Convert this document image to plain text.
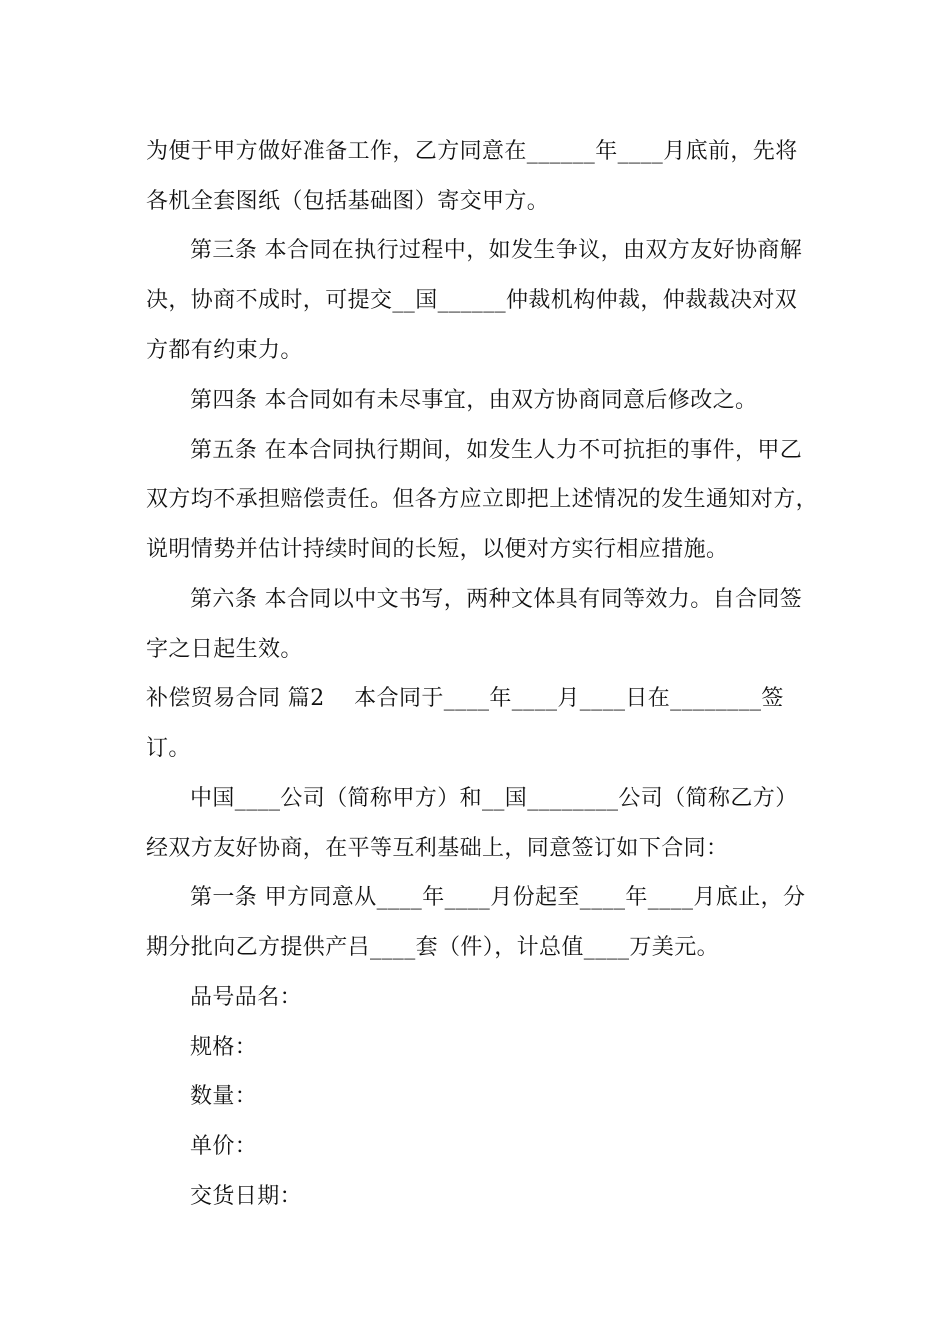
为便于甲方做好准备工作，乙方同意在______年____月底前，先将
各机全套图纸（包括基础图）寄交甲方。
第三条 本合同在执行过程中，如发生争议，由双方友好协商解
决，协商不成时，可提交__国______仲裁机构仲裁，仲裁裁决对双
方都有约束力。
第四条 本合同如有未尽事宜，由双方协商同意后修改之。
第五条 在本合同执行期间，如发生人力不可抗拒的事件，甲乙
双方均不承担赔偿责任。但各方应立即把上述情况的发生通知对方，
说明情势并估计持续时间的长短，以便对方实行相应措施。
第六条 本合同以中文书写，两种文体具有同等效力。自合同签
字之日起生效。
补偿贸易合同 篇2    本合同于____年____月____日在________签
订。
中国____公司（简称甲方）和__国________公司（简称乙方）
经双方友好协商，在平等互利基础上，同意签订如下合同：
第一条 甲方同意从____年____月份起至____年____月底止，分
期分批向乙方提供产吕____套（件），计总值____万美元。
品号品名：
规格：
数量：
单价：
交货日期：
